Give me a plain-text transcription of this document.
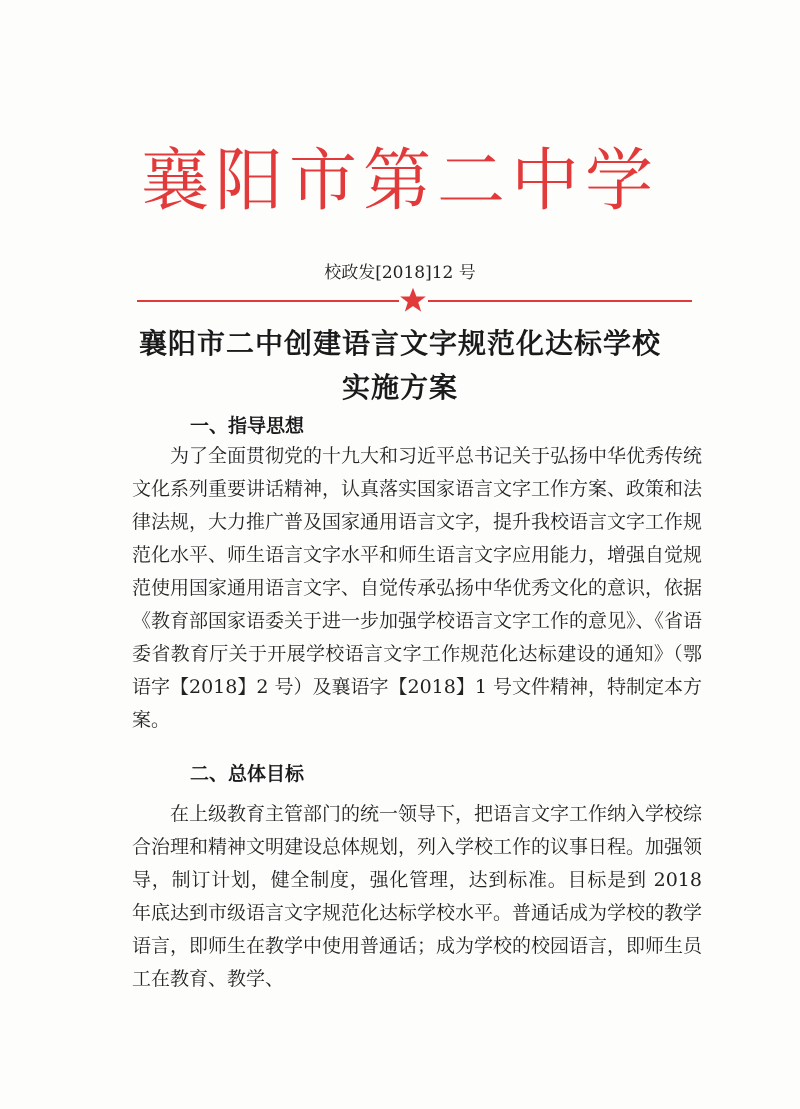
襄阳市第二中学
校政发[2018]12 号
襄阳市二中创建语言文字规范化达标学校
实施方案
一、指导思想

为了全面贯彻党的十九大和习近平总书记关于弘扬中华优秀传统文化系列重要讲话精神，认真落实国家语言文字工作方案、政策和法律法规，大力推广普及国家通用语言文字，提升我校语言文字工作规范化水平、师生语言文字水平和师生语言文字应用能力，增强自觉规范使用国家通用语言文字、自觉传承弘扬中华优秀文化的意识，依据《教育部国家语委关于进一步加强学校语言文字工作的意见》、《省语委省教育厅关于开展学校语言文字工作规范化达标建设的通知》（鄂语字【2018】2 号）及襄语字【2018】1 号文件精神，特制定本方案。

二、总体目标

在上级教育主管部门的统一领导下，把语言文字工作纳入学校综合治理和精神文明建设总体规划，列入学校工作的议事日程。加强领导，制订计划，健全制度，强化管理，达到标准。目标是到 2018 年底达到市级语言文字规范化达标学校水平。普通话成为学校的教学语言，即师生在教学中使用普通话；成为学校的校园语言，即师生员工在教育、教学、
